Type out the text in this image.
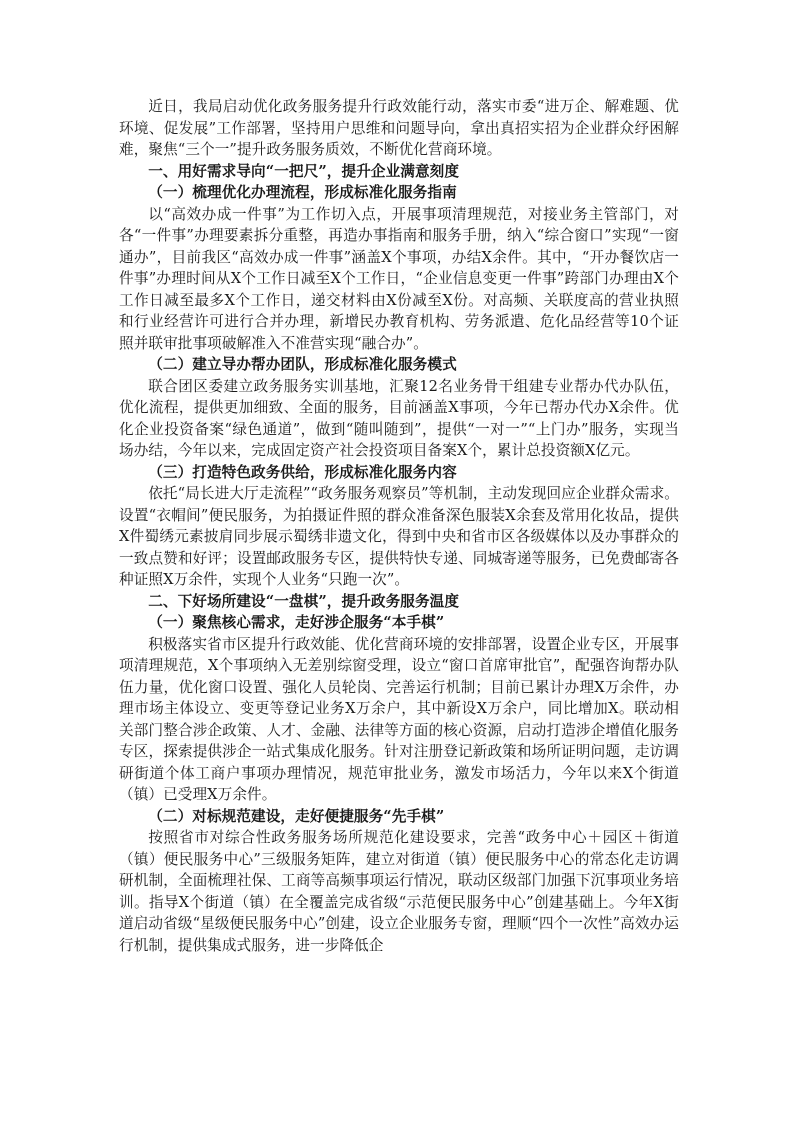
近日，我局启动优化政务服务提升行政效能行动，落实市委“进万企、解难题、优环境、促发展”工作部署，坚持用户思维和问题导向，拿出真招实招为企业群众纾困解难，聚焦“三个一”提升政务服务质效，不断优化营商环境。

一、用好需求导向“一把尺”，提升企业满意刻度

（一）梳理优化办理流程，形成标准化服务指南

以“高效办成一件事”为工作切入点，开展事项清理规范，对接业务主管部门，对各“一件事”办理要素拆分重整，再造办事指南和服务手册，纳入“综合窗口”实现“一窗通办”，目前我区“高效办成一件事”涵盖X个事项，办结X余件。其中，“开办餐饮店一件事”办理时间从X个工作日减至X个工作日，“企业信息变更一件事”跨部门办理由X个工作日减至最多X个工作日，递交材料由X份减至X份。对高频、关联度高的营业执照和行业经营许可进行合并办理，新增民办教育机构、劳务派遣、危化品经营等10个证照并联审批事项破解准入不准营实现“融合办”。

（二）建立导办帮办团队，形成标准化服务模式

联合团区委建立政务服务实训基地，汇聚12名业务骨干组建专业帮办代办队伍，优化流程，提供更加细致、全面的服务，目前涵盖X事项，今年已帮办代办X余件。优化企业投资备案“绿色通道”，做到“随叫随到”，提供“一对一”“上门办”服务，实现当场办结，今年以来，完成固定资产社会投资项目备案X个，累计总投资额X亿元。

（三）打造特色政务供给，形成标准化服务内容

依托“局长进大厅走流程”“政务服务观察员”等机制，主动发现回应企业群众需求。设置“衣帽间”便民服务，为拍摄证件照的群众准备深色服装X余套及常用化妆品，提供X件蜀绣元素披肩同步展示蜀绣非遗文化，得到中央和省市区各级媒体以及办事群众的一致点赞和好评；设置邮政服务专区，提供特快专递、同城寄递等服务，已免费邮寄各种证照X万余件，实现个人业务“只跑一次”。

二、下好场所建设“一盘棋”，提升政务服务温度

（一）聚焦核心需求，走好涉企服务“本手棋”

积极落实省市区提升行政效能、优化营商环境的安排部署，设置企业专区，开展事项清理规范，X个事项纳入无差别综窗受理，设立“窗口首席审批官”，配强咨询帮办队伍力量，优化窗口设置、强化人员轮岗、完善运行机制；目前已累计办理X万余件，办理市场主体设立、变更等登记业务X万余户，其中新设X万余户，同比增加X。联动相关部门整合涉企政策、人才、金融、法律等方面的核心资源，启动打造涉企增值化服务专区，探索提供涉企一站式集成化服务。针对注册登记新政策和场所证明问题，走访调研街道个体工商户事项办理情况，规范审批业务，激发市场活力，今年以来X个街道（镇）已受理X万余件。

（二）对标规范建设，走好便捷服务“先手棋”

按照省市对综合性政务服务场所规范化建设要求，完善“政务中心＋园区＋街道（镇）便民服务中心”三级服务矩阵，建立对街道（镇）便民服务中心的常态化走访调研机制，全面梳理社保、工商等高频事项运行情况，联动区级部门加强下沉事项业务培训。指导X个街道（镇）在全覆盖完成省级“示范便民服务中心”创建基础上。今年X街道启动省级“星级便民服务中心”创建，设立企业服务专窗，理顺“四个一次性”高效办运行机制，提供集成式服务，进一步降低企
